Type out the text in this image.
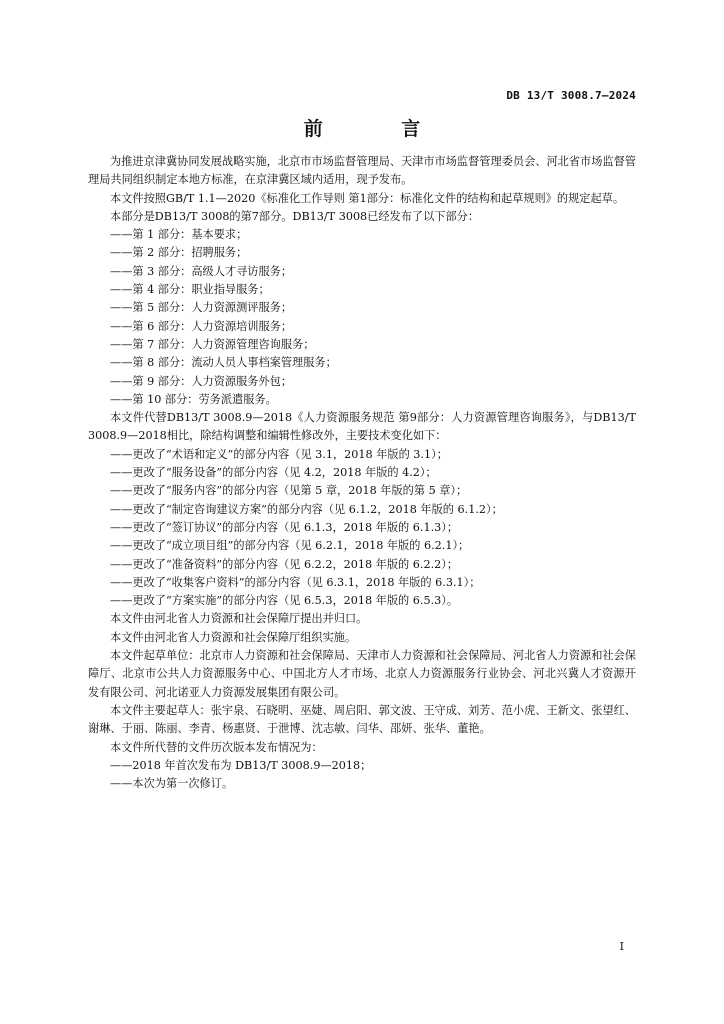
DB 13/T 3008.7—2024
前 言

为推进京津冀协同发展战略实施，北京市市场监督管理局、天津市市场监督管理委员会、河北省市场监督管理局共同组织制定本地方标准，在京津冀区域内适用，现予发布。

本文件按照GB/T 1.1—2020《标准化工作导则 第1部分：标准化文件的结构和起草规则》的规定起草。

本部分是DB13/T 3008的第7部分。DB13/T 3008已经发布了以下部分：

——第 1 部分：基本要求；

——第 2 部分：招聘服务；

——第 3 部分：高级人才寻访服务；

——第 4 部分：职业指导服务；

——第 5 部分：人力资源测评服务；

——第 6 部分：人力资源培训服务；

——第 7 部分：人力资源管理咨询服务；

——第 8 部分：流动人员人事档案管理服务；

——第 9 部分：人力资源服务外包；

——第 10 部分：劳务派遣服务。

本文件代替DB13/T 3008.9—2018《人力资源服务规范 第9部分：人力资源管理咨询服务》，与DB13/T 3008.9—2018相比，除结构调整和编辑性修改外，主要技术变化如下：

——更改了“术语和定义”的部分内容（见 3.1，2018 年版的 3.1）；

——更改了“服务设备”的部分内容（见 4.2，2018 年版的 4.2）；

——更改了“服务内容”的部分内容（见第 5 章，2018 年版的第 5 章）；

——更改了“制定咨询建议方案”的部分内容（见 6.1.2，2018 年版的 6.1.2）；

——更改了“签订协议”的部分内容（见 6.1.3，2018 年版的 6.1.3）；

——更改了“成立项目组”的部分内容（见 6.2.1，2018 年版的 6.2.1）；

——更改了“准备资料”的部分内容（见 6.2.2，2018 年版的 6.2.2）；

——更改了“收集客户资料”的部分内容（见 6.3.1，2018 年版的 6.3.1）；

——更改了“方案实施”的部分内容（见 6.5.3，2018 年版的 6.5.3）。

本文件由河北省人力资源和社会保障厅提出并归口。

本文件由河北省人力资源和社会保障厅组织实施。

本文件起草单位：北京市人力资源和社会保障局、天津市人力资源和社会保障局、河北省人力资源和社会保障厅、北京市公共人力资源服务中心、中国北方人才市场、北京人力资源服务行业协会、河北兴冀人才资源开发有限公司、河北诺亚人力资源发展集团有限公司。

本文件主要起草人：张宇泉、石晓明、巫婕、周启阳、郭文波、王守成、刘芳、范小虎、王新文、张望红、谢琳、于丽、陈丽、李青、杨惠贤、于泄博、沈志敏、闫华、邵妍、张华、董艳。

本文件所代替的文件历次版本发布情况为：

——2018 年首次发布为 DB13/T 3008.9—2018；

——本次为第一次修订。

I
